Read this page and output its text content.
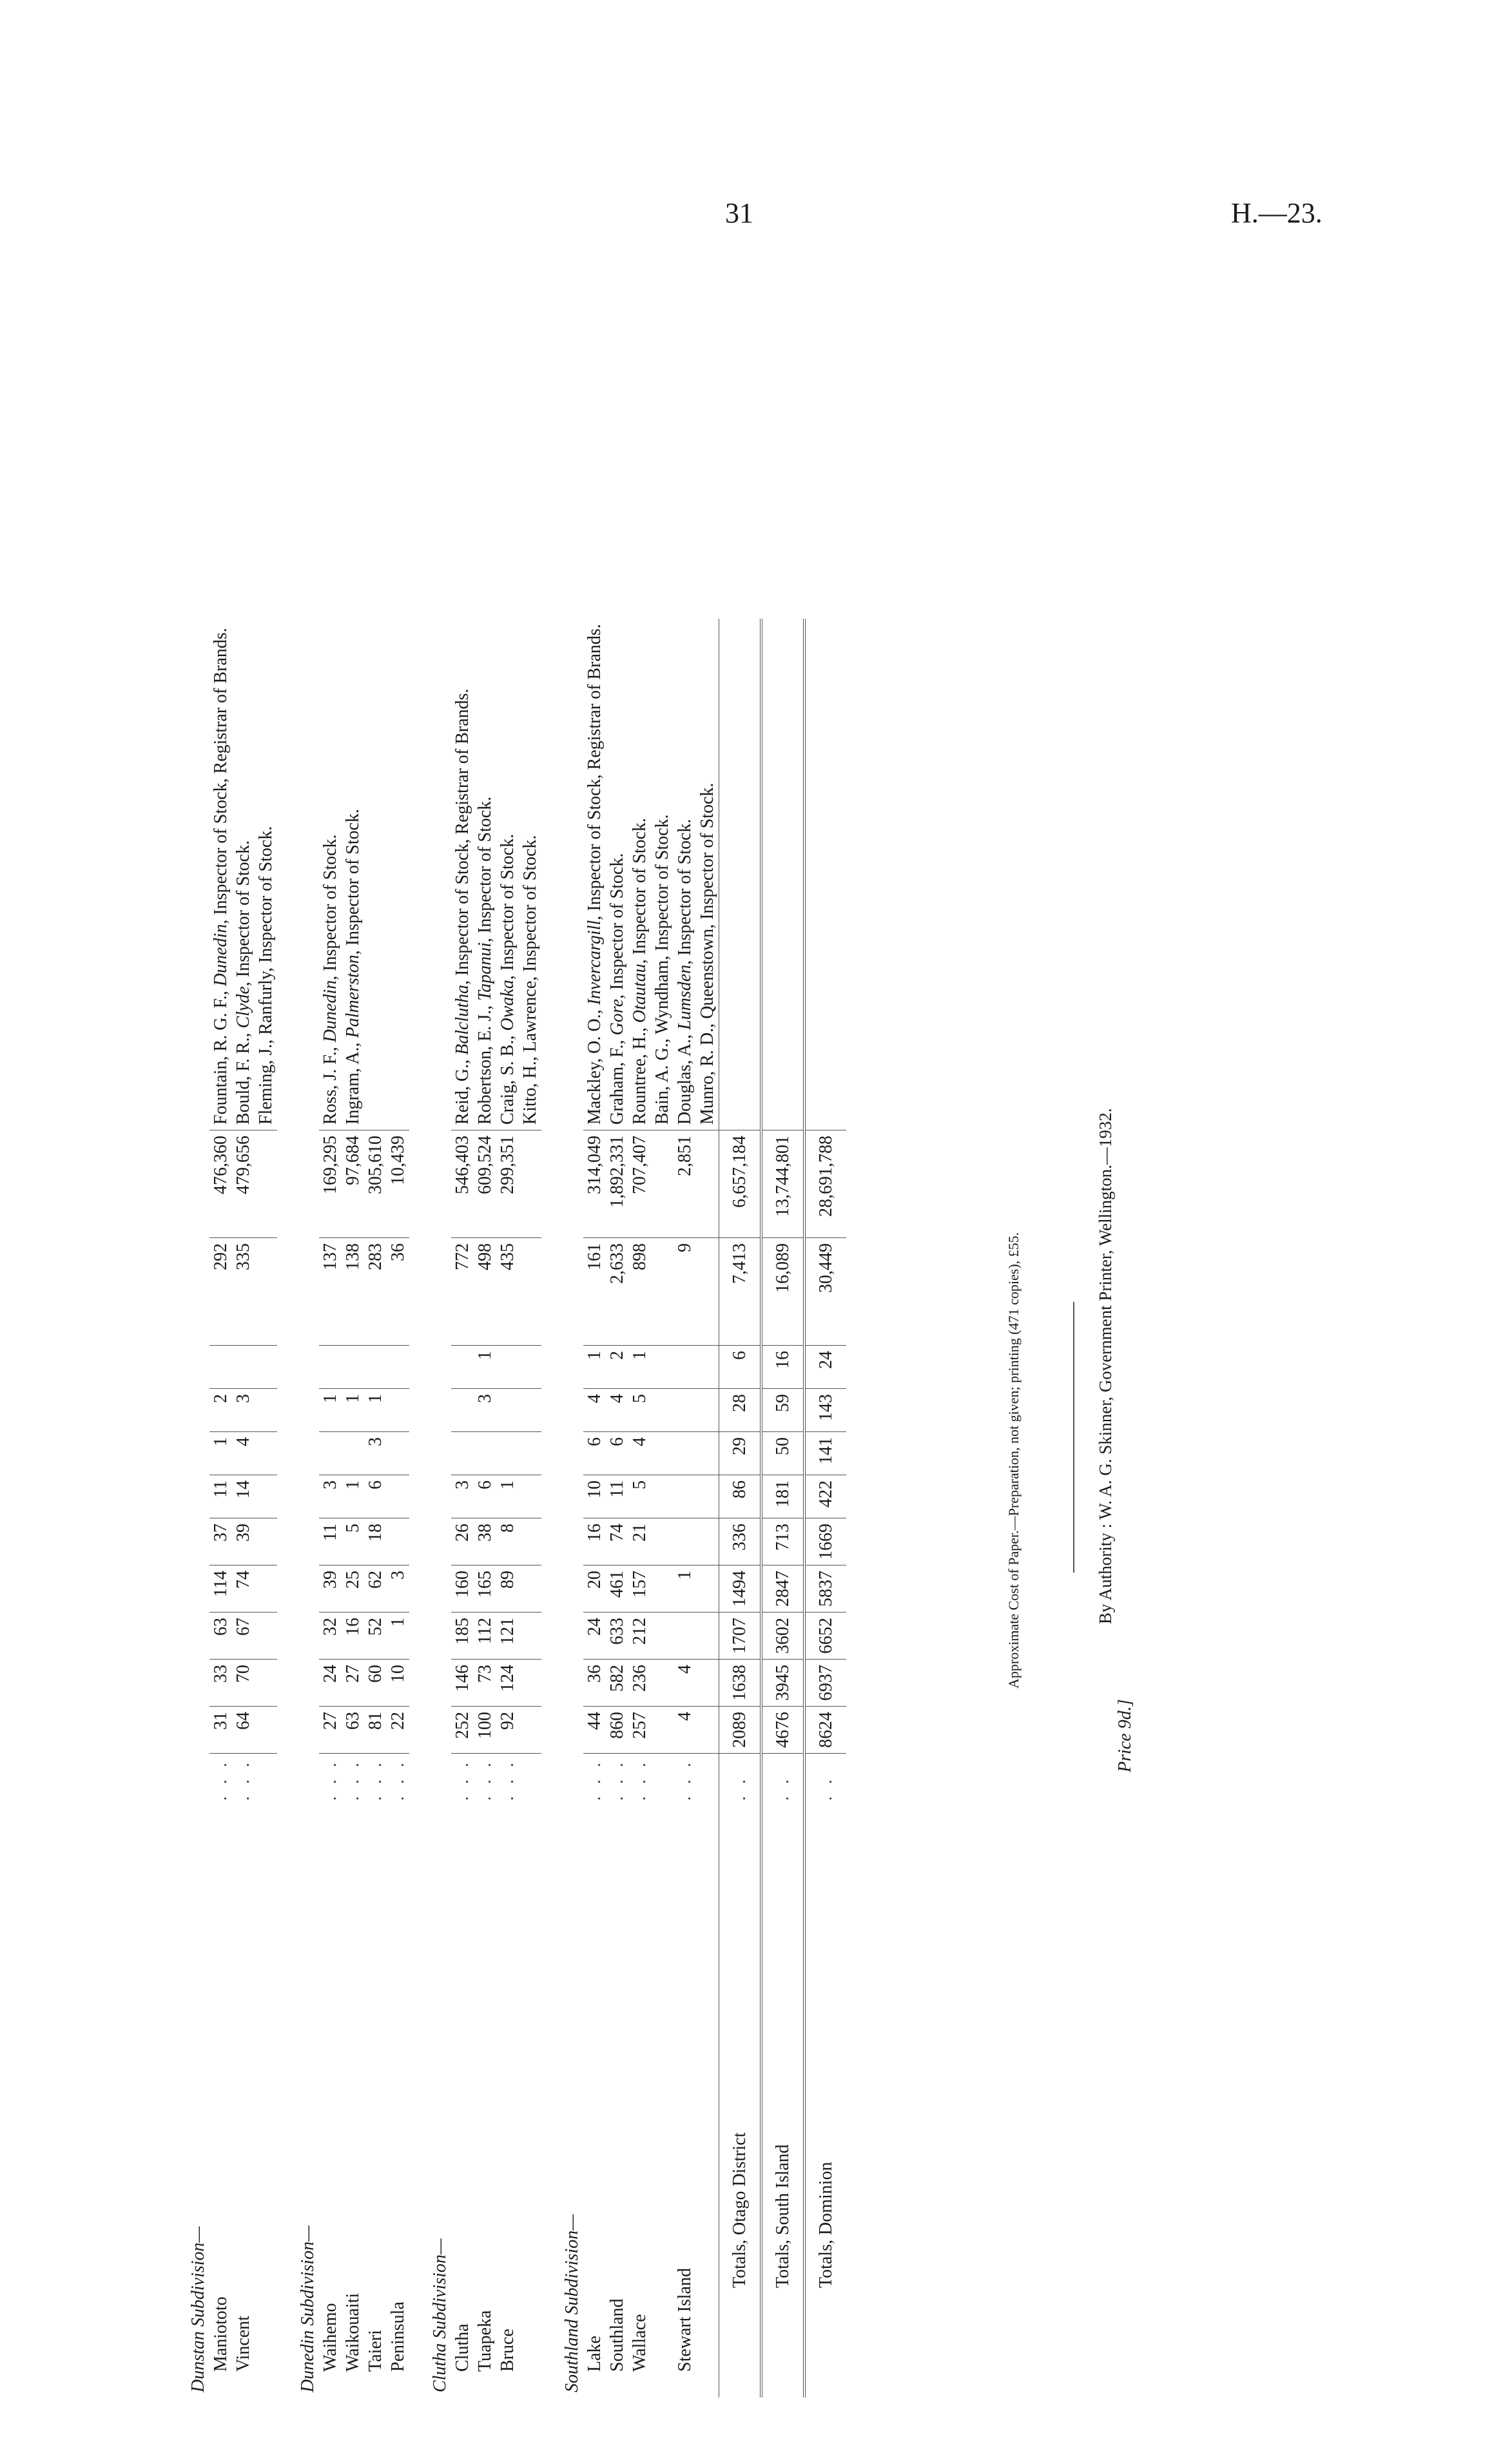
31	H.—23.
Dunstan Subdivision—													
Maniototo	. . .	31	33	63	114	37	11	1	2		292	476,360	Fountain, R. G. F., Dunedin, Inspector of Stock, Registrar of Brands.
Vincent	. . .	64	70	67	74	39	14	4	3		335	479,656	Bould, F. R., Clyde, Inspector of Stock.
Fleming, J., Ranfurly, Inspector of Stock.
Dunedin Subdivision—													
Waihemo	. . .	27	24	32	39	11	3		1		137	169,295	Ross, J. F., Dunedin, Inspector of Stock.
Waikouaiti	. . .	63	27	16	25	5	1		1		138	97,684	Ingram, A., Palmerston, Inspector of Stock.
Taieri	. . .	81	60	52	62	18	6	3	1		283	305,610	
Peninsula	. . .	22	10	1	3						36	10,439	
Clutha Subdivision—													
Clutha	. . .	252	146	185	160	26	3				772	546,403	Reid, G., Balclutha, Inspector of Stock, Registrar of Brands.
Tuapeka	. . .	100	73	112	165	38	6		3	1	498	609,524	Robertson, E. J., Tapanui, Inspector of Stock.
Bruce	. . .	92	124	121	89	8	1				435	299,351	Craig, S. B., Owaka, Inspector of Stock.
Kitto, H., Lawrence, Inspector of Stock.
Southland Subdivision—													
Lake	. . .	44	36	24	20	16	10	6	4	1	161	314,049	Mackley, O. O., Invercargill, Inspector of Stock, Registrar of Brands.
Southland	. . .	860	582	633	461	74	11	6	4	2	2,633	1,892,331	Graham, F., Gore, Inspector of Stock.
Wallace	. . .	257	236	212	157	21	5	4	5	1	898	707,407	Rountree, H., Otautau, Inspector of Stock.
Bain, A. G., Wyndham, Inspector of Stock.
Stewart Island	. . .	4	4		1						9	2,851	Douglas, A., Lumsden, Inspector of Stock.
Munro, R. D., Queenstown, Inspector of Stock.
Totals, Otago District	. .	2089	1638	1707	1494	336	86	29	28	6	7,413	6,657,184	
Totals, South Island	. .	4676	3945	3602	2847	713	181	50	59	16	16,089	13,744,801	
Totals, Dominion	. .	8624	6937	6652	5837	1669	422	141	143	24	30,449	28,691,788	
Price 9d.]
Approximate Cost of Paper.—Preparation, not given; printing (471 copies), £55.	By Authority : W. A. G. Skinner, Government Printer, Wellington.—1932.
